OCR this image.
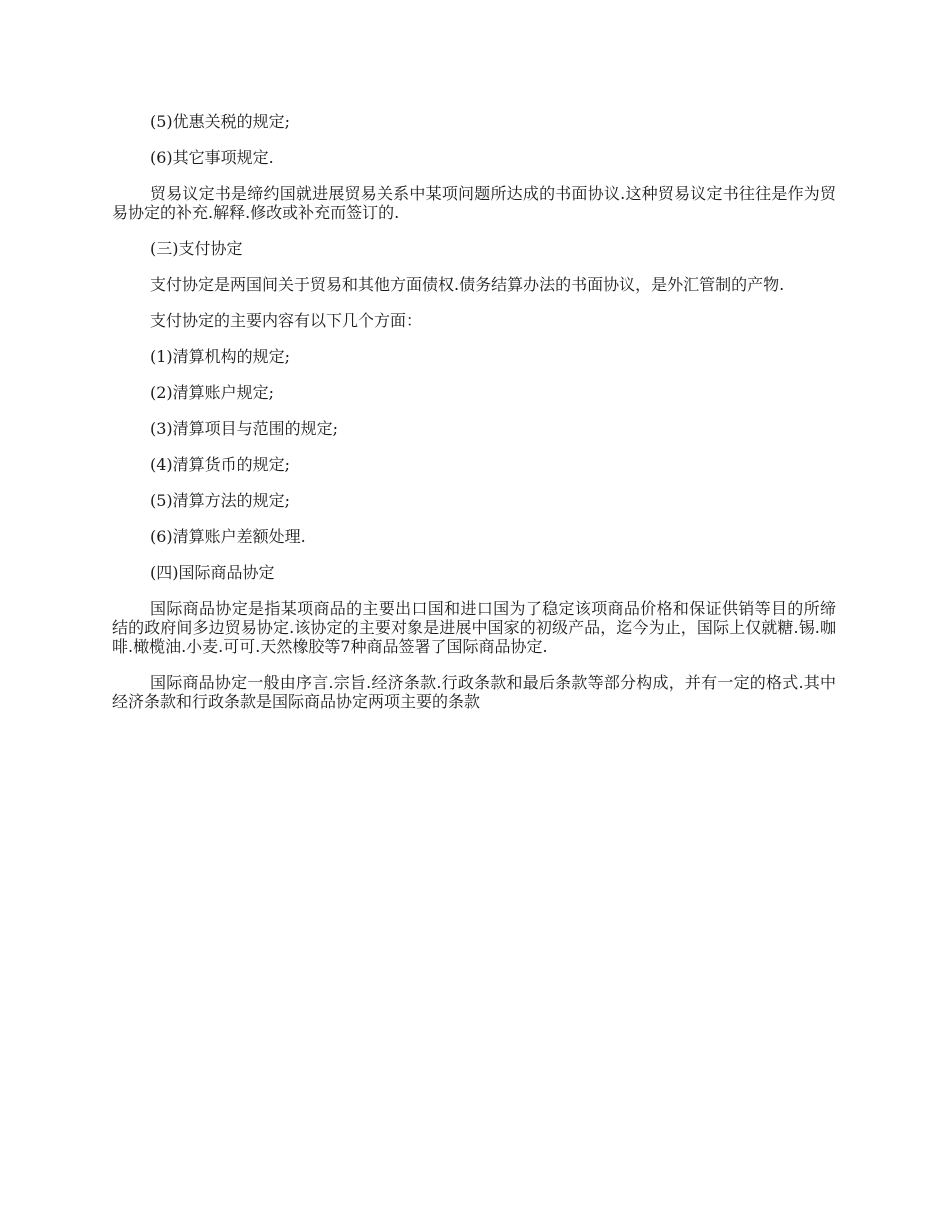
(5)优惠关税的规定;

(6)其它事项规定.

贸易议定书是缔约国就进展贸易关系中某项问题所达成的书面协议.这种贸易议定书往往是作为贸易协定的补充.解释.修改或补充而签订的.

(三)支付协定

支付协定是两国间关于贸易和其他方面债权.债务结算办法的书面协议，是外汇管制的产物.

支付协定的主要内容有以下几个方面：

(1)清算机构的规定;

(2)清算账户规定;

(3)清算项目与范围的规定;

(4)清算货币的规定;

(5)清算方法的规定;

(6)清算账户差额处理.

(四)国际商品协定

国际商品协定是指某项商品的主要出口国和进口国为了稳定该项商品价格和保证供销等目的所缔结的政府间多边贸易协定.该协定的主要对象是进展中国家的初级产品，迄今为止，国际上仅就糖.锡.咖啡.橄榄油.小麦.可可.天然橡胶等7种商品签署了国际商品协定.

国际商品协定一般由序言.宗旨.经济条款.行政条款和最后条款等部分构成，并有一定的格式.其中经济条款和行政条款是国际商品协定两项主要的条款
